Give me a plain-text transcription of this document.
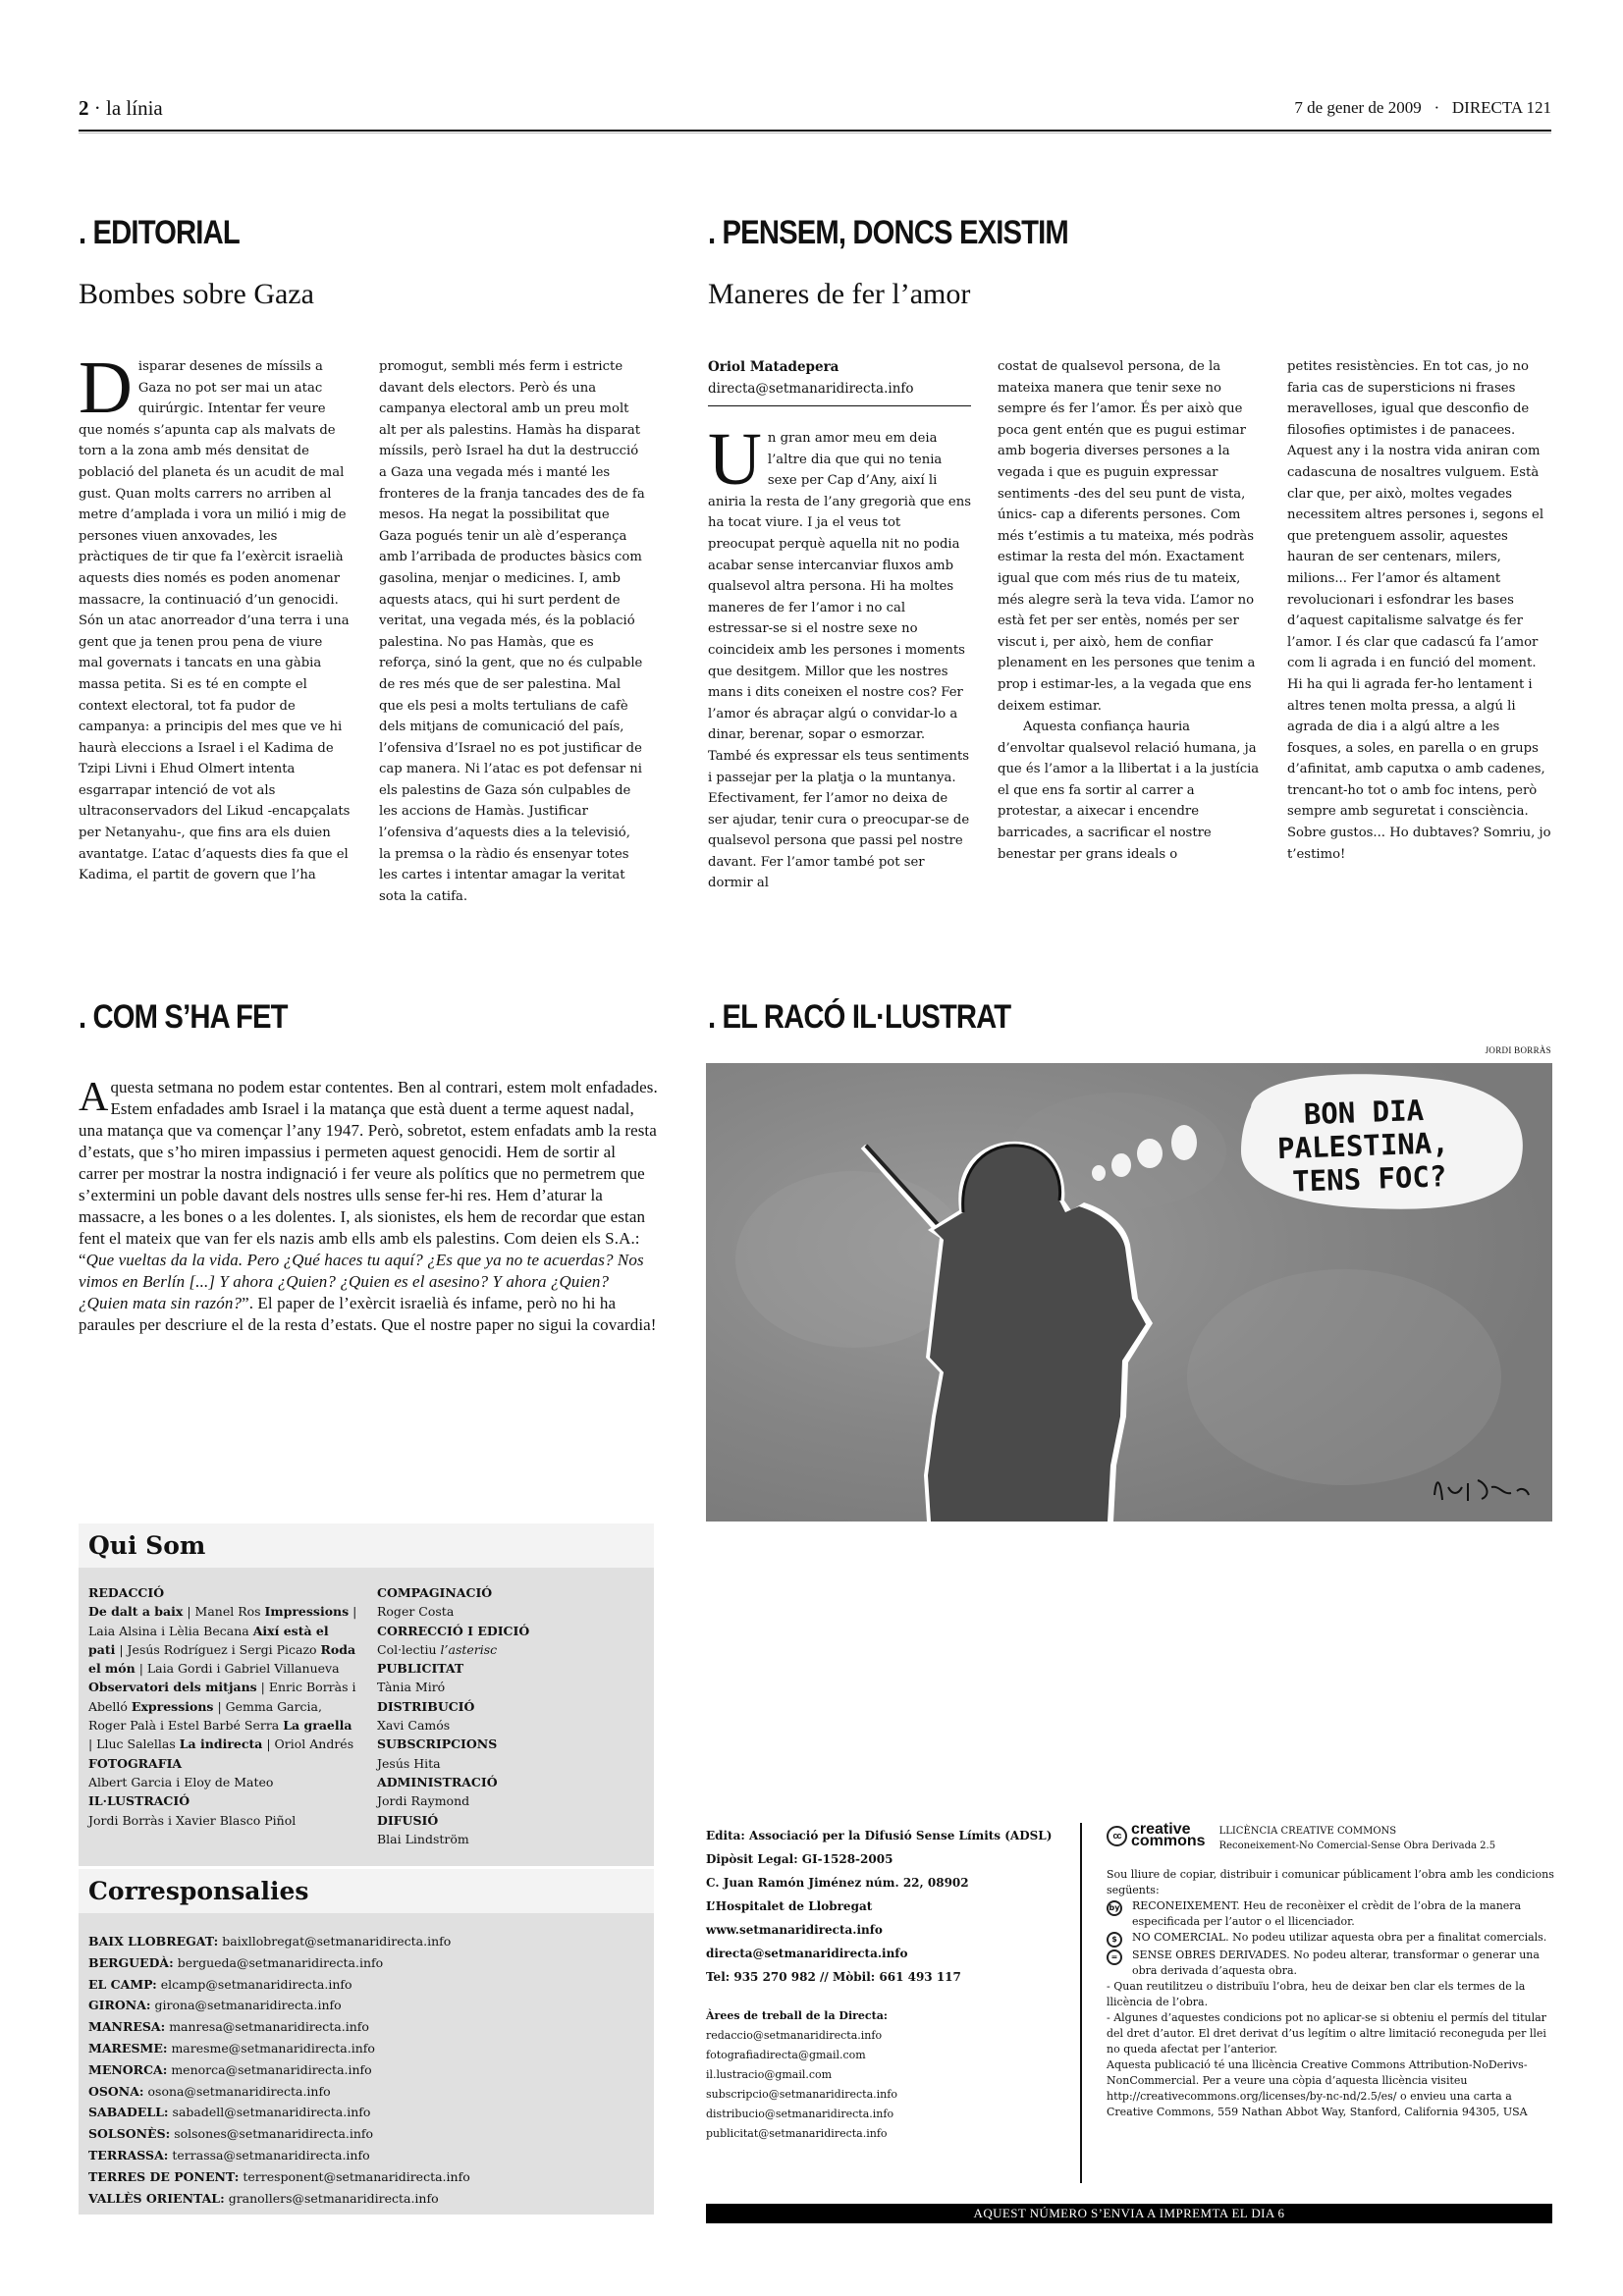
2 · la línia	7 de gener de 2009 · DIRECTA 121
. EDITORIAL
Bombes sobre Gaza
D isparar desenes de míssils a Gaza no pot ser mai un atac quirúrgic. Intentar fer veure que només s’apunta cap als malvats de torn a la zona amb més densitat de població del planeta és un acudit de mal gust. Quan molts carrers no arriben al metre d’amplada i vora un milió i mig de persones viuen anxovades, les pràctiques de tir que fa l’exèrcit israelià aquests dies només es poden anomenar massacre, la continuació d’un genocidi. Són un atac anorreador d’una terra i una gent que ja tenen prou pena de viure mal governats i tancats en una gàbia massa petita. Si es té en compte el context electoral, tot fa pudor de campanya: a principis del mes que ve hi haurà eleccions a Israel i el Kadima de Tzipi Livni i Ehud Olmert intenta esgarrapar intenció de vot als ultraconservadors del Likud -encapçalats per Netanyahu-, que fins ara els duien avantatge. L’atac d’aquests dies fa que el Kadima, el partit de govern que l’ha

promogut, sembli més ferm i estricte davant dels electors. Però és una campanya electoral amb un preu molt alt per als palestins. Hamàs ha disparat míssils, però Israel ha dut la destrucció a Gaza una vegada més i manté les fronteres de la franja tancades des de fa mesos. Ha negat la possibilitat que Gaza pogués tenir un alè d’esperança amb l’arribada de productes bàsics com gasolina, menjar o medicines. I, amb aquests atacs, qui hi surt perdent de veritat, una vegada més, és la població palestina. No pas Hamàs, que es reforça, sinó la gent, que no és culpable de res més que de ser palestina. Mal que els pesi a molts tertulians de cafè dels mitjans de comunicació del país, l’ofensiva d’Israel no es pot justificar de cap manera. Ni l’atac es pot defensar ni els palestins de Gaza són culpables de les accions de Hamàs. Justificar l’ofensiva d’aquests dies a la televisió, la premsa o la ràdio és ensenyar totes les cartes i intentar amagar la veritat sota la catifa.

. PENSEM, DONCS EXISTIM
Maneres de fer l’amor
Oriol Matadepera
directa@setmanaridirecta.info
U n gran amor meu em deia l’altre dia que qui no tenia sexe per Cap d’Any, així li aniria la resta de l’any gregorià que ens ha tocat viure. I ja el veus tot preocupat perquè aquella nit no podia acabar sense intercanviar fluxos amb qualsevol altra persona. Hi ha moltes maneres de fer l’amor i no cal estressar-se si el nostre sexe no coincideix amb les persones i moments que desitgem. Millor que les nostres mans i dits coneixen el nostre cos? Fer l’amor és abraçar algú o convidar-lo a dinar, berenar, sopar o esmorzar. També és expressar els teus sentiments i passejar per la platja o la muntanya. Efectivament, fer l’amor no deixa de ser ajudar, tenir cura o preocupar-se de qualsevol persona que passi pel nostre davant. Fer l’amor també pot ser dormir al

costat de qualsevol persona, de la mateixa manera que tenir sexe no sempre és fer l’amor. És per això que poca gent entén que es pugui estimar amb bogeria diverses persones a la vegada i que es puguin expressar sentiments -des del seu punt de vista, únics- cap a diferents persones. Com més t’estimis a tu mateixa, més podràs estimar la resta del món. Exactament igual que com més rius de tu mateix, més alegre serà la teva vida. L’amor no està fet per ser entès, només per ser viscut i, per això, hem de confiar plenament en les persones que tenim a prop i estimar-les, a la vegada que ens deixem estimar.

Aquesta confiança hauria d’envoltar qualsevol relació humana, ja que és l’amor a la llibertat i a la justícia el que ens fa sortir al carrer a protestar, a aixecar i encendre barricades, a sacrificar el nostre benestar per grans ideals o

petites resistències. En tot cas, jo no faria cas de supersticions ni frases meravelloses, igual que desconfio de filosofies optimistes i de panacees. Aquest any i la nostra vida aniran com cadascuna de nosaltres vulguem. Està clar que, per això, moltes vegades necessitem altres persones i, segons el que pretenguem assolir, aquestes hauran de ser centenars, milers, milions... Fer l’amor és altament revolucionari i esfondrar les bases d’aquest capitalisme salvatge és fer l’amor. I és clar que cadascú fa l’amor com li agrada i en funció del moment. Hi ha qui li agrada fer-ho lentament i altres tenen molta pressa, a algú li agrada de dia i a algú altre a les fosques, a soles, en parella o en grups d’afinitat, amb caputxa o amb cadenes, trencant-ho tot o amb foc intens, però sempre amb seguretat i consciència. Sobre gustos... Ho dubtaves? Somriu, jo t’estimo!

. COM S’HA FET
Aquesta setmana no podem estar contentes. Ben al contrari, estem molt enfadades. Estem enfadades amb Israel i la matança que està duent a terme aquest nadal, una matança que va començar l’any 1947. Però, sobretot, estem enfadats amb la resta d’estats, que s’ho miren impassius i permeten aquest genocidi. Hem de sortir al carrer per mostrar la nostra indignació i fer veure als polítics que no permetrem que s’extermini un poble davant dels nostres ulls sense fer-hi res. Hem d’aturar la massacre, a les bones o a les dolentes. I, als sionistes, els hem de recordar que estan fent el mateix que van fer els nazis amb ells amb els palestins. Com deien els S.A.: “Que vueltas da la vida. Pero ¿Qué haces tu aquí? ¿Es que ya no te acuerdas? Nos vimos en Berlín [...] Y ahora ¿Quien? ¿Quien es el asesino? Y ahora ¿Quien? ¿Quien mata sin razón?”. El paper de l’exèrcit israelià és infame, però no hi ha paraules per descriure el de la resta d’estats. Que el nostre paper no sigui la covardia!
. EL RACÓ IL·LUSTRAT
JORDI BORRÀS
BON DIA
PALESTINA,
TENS FOC?
Qui Som
REDACCIÓ
De dalt a baix | Manel Ros Impressions | Laia Alsina i Lèlia Becana Així està el pati | Jesús Rodríguez i Sergi Picazo Roda el món | Laia Gordi i Gabriel Villanueva Observatori dels mitjans | Enric Borràs i Abelló Expressions | Gemma Garcia, Roger Palà i Estel Barbé Serra La graella | Lluc Salellas La indirecta | Oriol Andrés
FOTOGRAFIA
Albert Garcia i Eloy de Mateo
IL·LUSTRACIÓ
Jordi Borràs i Xavier Blasco Piñol
COMPAGINACIÓ
Roger Costa
CORRECCIÓ I EDICIÓ
Col·lectiu l’asterisc
PUBLICITAT
Tània Miró
DISTRIBUCIÓ
Xavi Camós
SUBSCRIPCIONS
Jesús Hita
ADMINISTRACIÓ
Jordi Raymond
DIFUSIÓ
Blai Lindström
Corresponsalies
BAIX LLOBREGAT: baixllobregat@setmanaridirecta.info
BERGUEDÀ: bergueda@setmanaridirecta.info
EL CAMP: elcamp@setmanaridirecta.info
GIRONA: girona@setmanaridirecta.info
MANRESA: manresa@setmanaridirecta.info
MARESME: maresme@setmanaridirecta.info
MENORCA: menorca@setmanaridirecta.info
OSONA: osona@setmanaridirecta.info
SABADELL: sabadell@setmanaridirecta.info
SOLSONÈS: solsones@setmanaridirecta.info
TERRASSA: terrassa@setmanaridirecta.info
TERRES DE PONENT: terresponent@setmanaridirecta.info
VALLÈS ORIENTAL: granollers@setmanaridirecta.info
Edita: Associació per la Difusió Sense Límits (ADSL)
Dipòsit Legal: GI-1528-2005
C. Juan Ramón Jiménez núm. 22, 08902
L’Hospitalet de Llobregat
www.setmanaridirecta.info
directa@setmanaridirecta.info
Tel: 935 270 982 // Mòbil: 661 493 117
Àrees de treball de la Directa:
redaccio@setmanaridirecta.info
fotografiadirecta@gmail.com
il.lustracio@gmail.com
subscripcio@setmanaridirecta.info
distribucio@setmanaridirecta.info
publicitat@setmanaridirecta.info
cc creative
commons
LLICÈNCIA CREATIVE COMMONS
Reconeixement-No Comercial-Sense Obra Derivada 2.5
Sou lliure de copiar, distribuir i comunicar públicament l’obra amb les condicions següents:
by RECONEIXEMENT. Heu de reconèixer el crèdit de l’obra de la manera especificada per l’autor o el llicenciador.
$	NO COMERCIAL. No podeu utilizar aquesta obra per a finalitat comercials.
=	SENSE OBRES DERIVADES. No podeu alterar, transformar o generar una obra derivada d’aquesta obra.
- Quan reutilitzeu o distribuïu l’obra, heu de deixar ben clar els termes de la llicència de l’obra.
- Algunes d’aquestes condicions pot no aplicar-se si obteniu el permís del titular del dret d’autor. El dret derivat d’us legítim o altre limitació reconeguda per llei no queda afectat per l’anterior.
Aquesta publicació té una llicència Creative Commons Attribution-NoDerivs- NonCommercial. Per a veure una còpia d’aquesta llicència visiteu http://creativecommons.org/licenses/by-nc-nd/2.5/es/ o envieu una carta a Creative Commons, 559 Nathan Abbot Way, Stanford, California 94305, USA
AQUEST NÚMERO S’ENVIA A IMPREMTA EL DIA 6
